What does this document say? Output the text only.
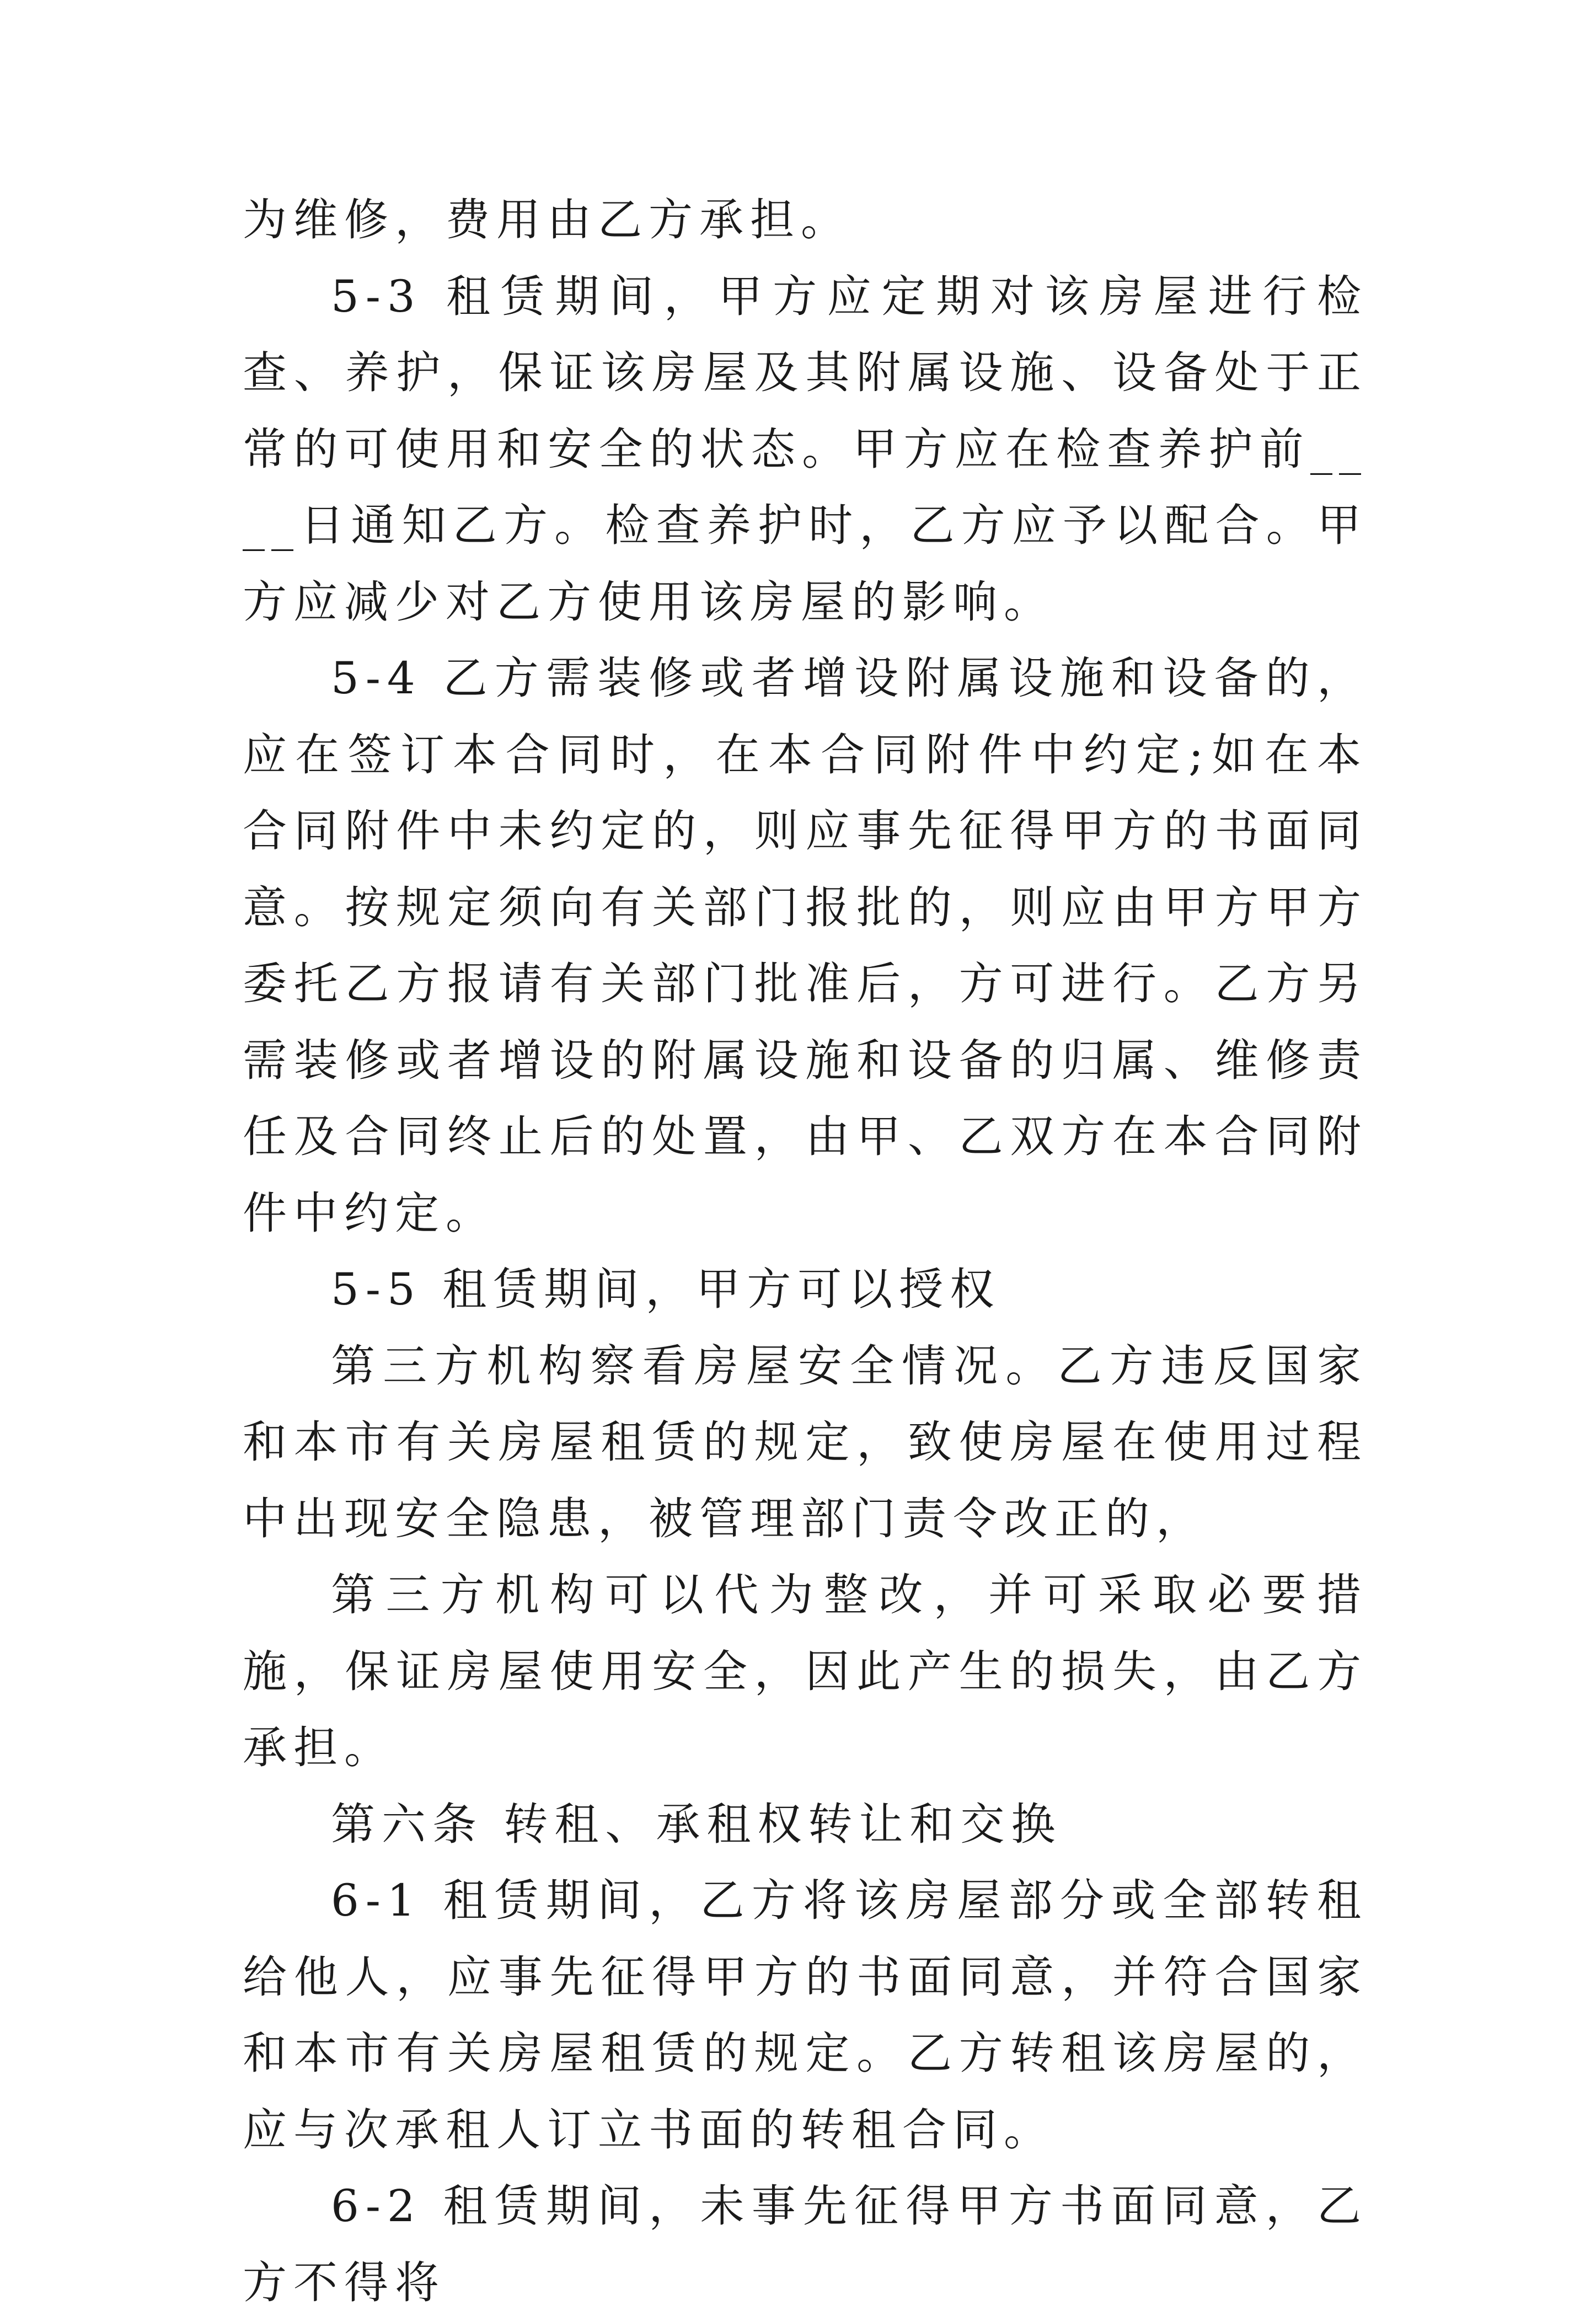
为维修，费用由乙方承担。

5-3 租赁期间，甲方应定期对该房屋进行检查、养护，保证该房屋及其附属设施、设备处于正常的可使用和安全的状态。甲方应在检查养护前____日通知乙方。检查养护时，乙方应予以配合。甲方应减少对乙方使用该房屋的影响。

5-4 乙方需装修或者增设附属设施和设备的，应在签订本合同时，在本合同附件中约定;如在本合同附件中未约定的，则应事先征得甲方的书面同意。按规定须向有关部门报批的，则应由甲方甲方委托乙方报请有关部门批准后，方可进行。乙方另需装修或者增设的附属设施和设备的归属、维修责任及合同终止后的处置，由甲、乙双方在本合同附件中约定。

5-5 租赁期间，甲方可以授权

第三方机构察看房屋安全情况。乙方违反国家和本市有关房屋租赁的规定，致使房屋在使用过程中出现安全隐患，被管理部门责令改正的，

第三方机构可以代为整改，并可采取必要措施，保证房屋使用安全，因此产生的损失，由乙方承担。

第六条 转租、承租权转让和交换

6-1 租赁期间，乙方将该房屋部分或全部转租给他人，应事先征得甲方的书面同意，并符合国家和本市有关房屋租赁的规定。乙方转租该房屋的，应与次承租人订立书面的转租合同。

6-2 租赁期间，未事先征得甲方书面同意，乙方不得将
